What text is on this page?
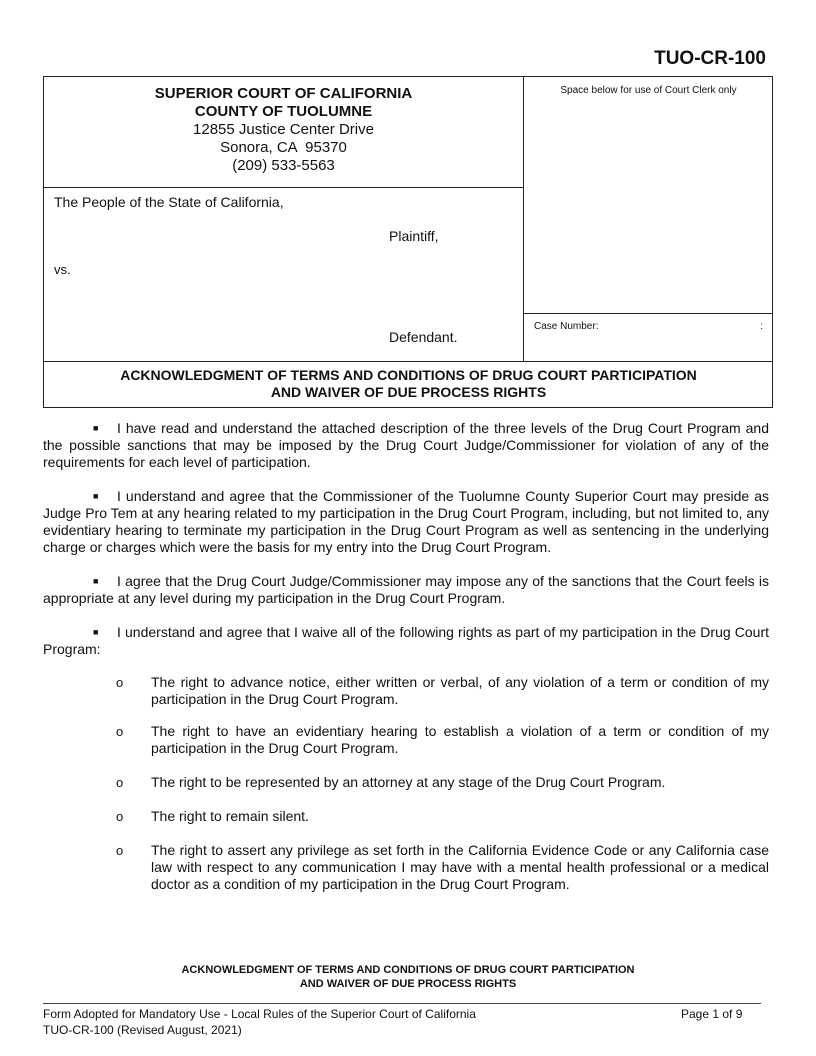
TUO-CR-100
SUPERIOR COURT OF CALIFORNIA
COUNTY OF TUOLUMNE
12855 Justice Center Drive
Sonora, CA  95370
(209) 533-5563
The People of the State of California,
Plaintiff,
vs.
Defendant.
Space below for use of Court Clerk only
Case Number:	:
ACKNOWLEDGMENT OF TERMS AND CONDITIONS OF DRUG COURT PARTICIPATION
AND WAIVER OF DUE PROCESS RIGHTS
■ I have read and understand the attached description of the three levels of the Drug Court Program and the possible sanctions that may be imposed by the Drug Court Judge/Commissioner for violation of any of the requirements for each level of participation.
■ I understand and agree that the Commissioner of the Tuolumne County Superior Court may preside as Judge Pro Tem at any hearing related to my participation in the Drug Court Program, including, but not limited to, any evidentiary hearing to terminate my participation in the Drug Court Program as well as sentencing in the underlying charge or charges which were the basis for my entry into the Drug Court Program.
■ I agree that the Drug Court Judge/Commissioner may impose any of the sanctions that the Court feels is appropriate at any level during my participation in the Drug Court Program.
■ I understand and agree that I waive all of the following rights as part of my participation in the Drug Court Program:
o The right to advance notice, either written or verbal, of any violation of a term or condition of my participation in the Drug Court Program.
o The right to have an evidentiary hearing to establish a violation of a term or condition of my participation in the Drug Court Program.
o The right to be represented by an attorney at any stage of the Drug Court Program.
o The right to remain silent.
o The right to assert any privilege as set forth in the California Evidence Code or any California case law with respect to any communication I may have with a mental health professional or a medical doctor as a condition of my participation in the Drug Court Program.
ACKNOWLEDGMENT OF TERMS AND CONDITIONS OF DRUG COURT PARTICIPATION
AND WAIVER OF DUE PROCESS RIGHTS
Form Adopted for Mandatory Use - Local Rules of the Superior Court of California
TUO-CR-100 (Revised August, 2021)
Page 1 of 9
